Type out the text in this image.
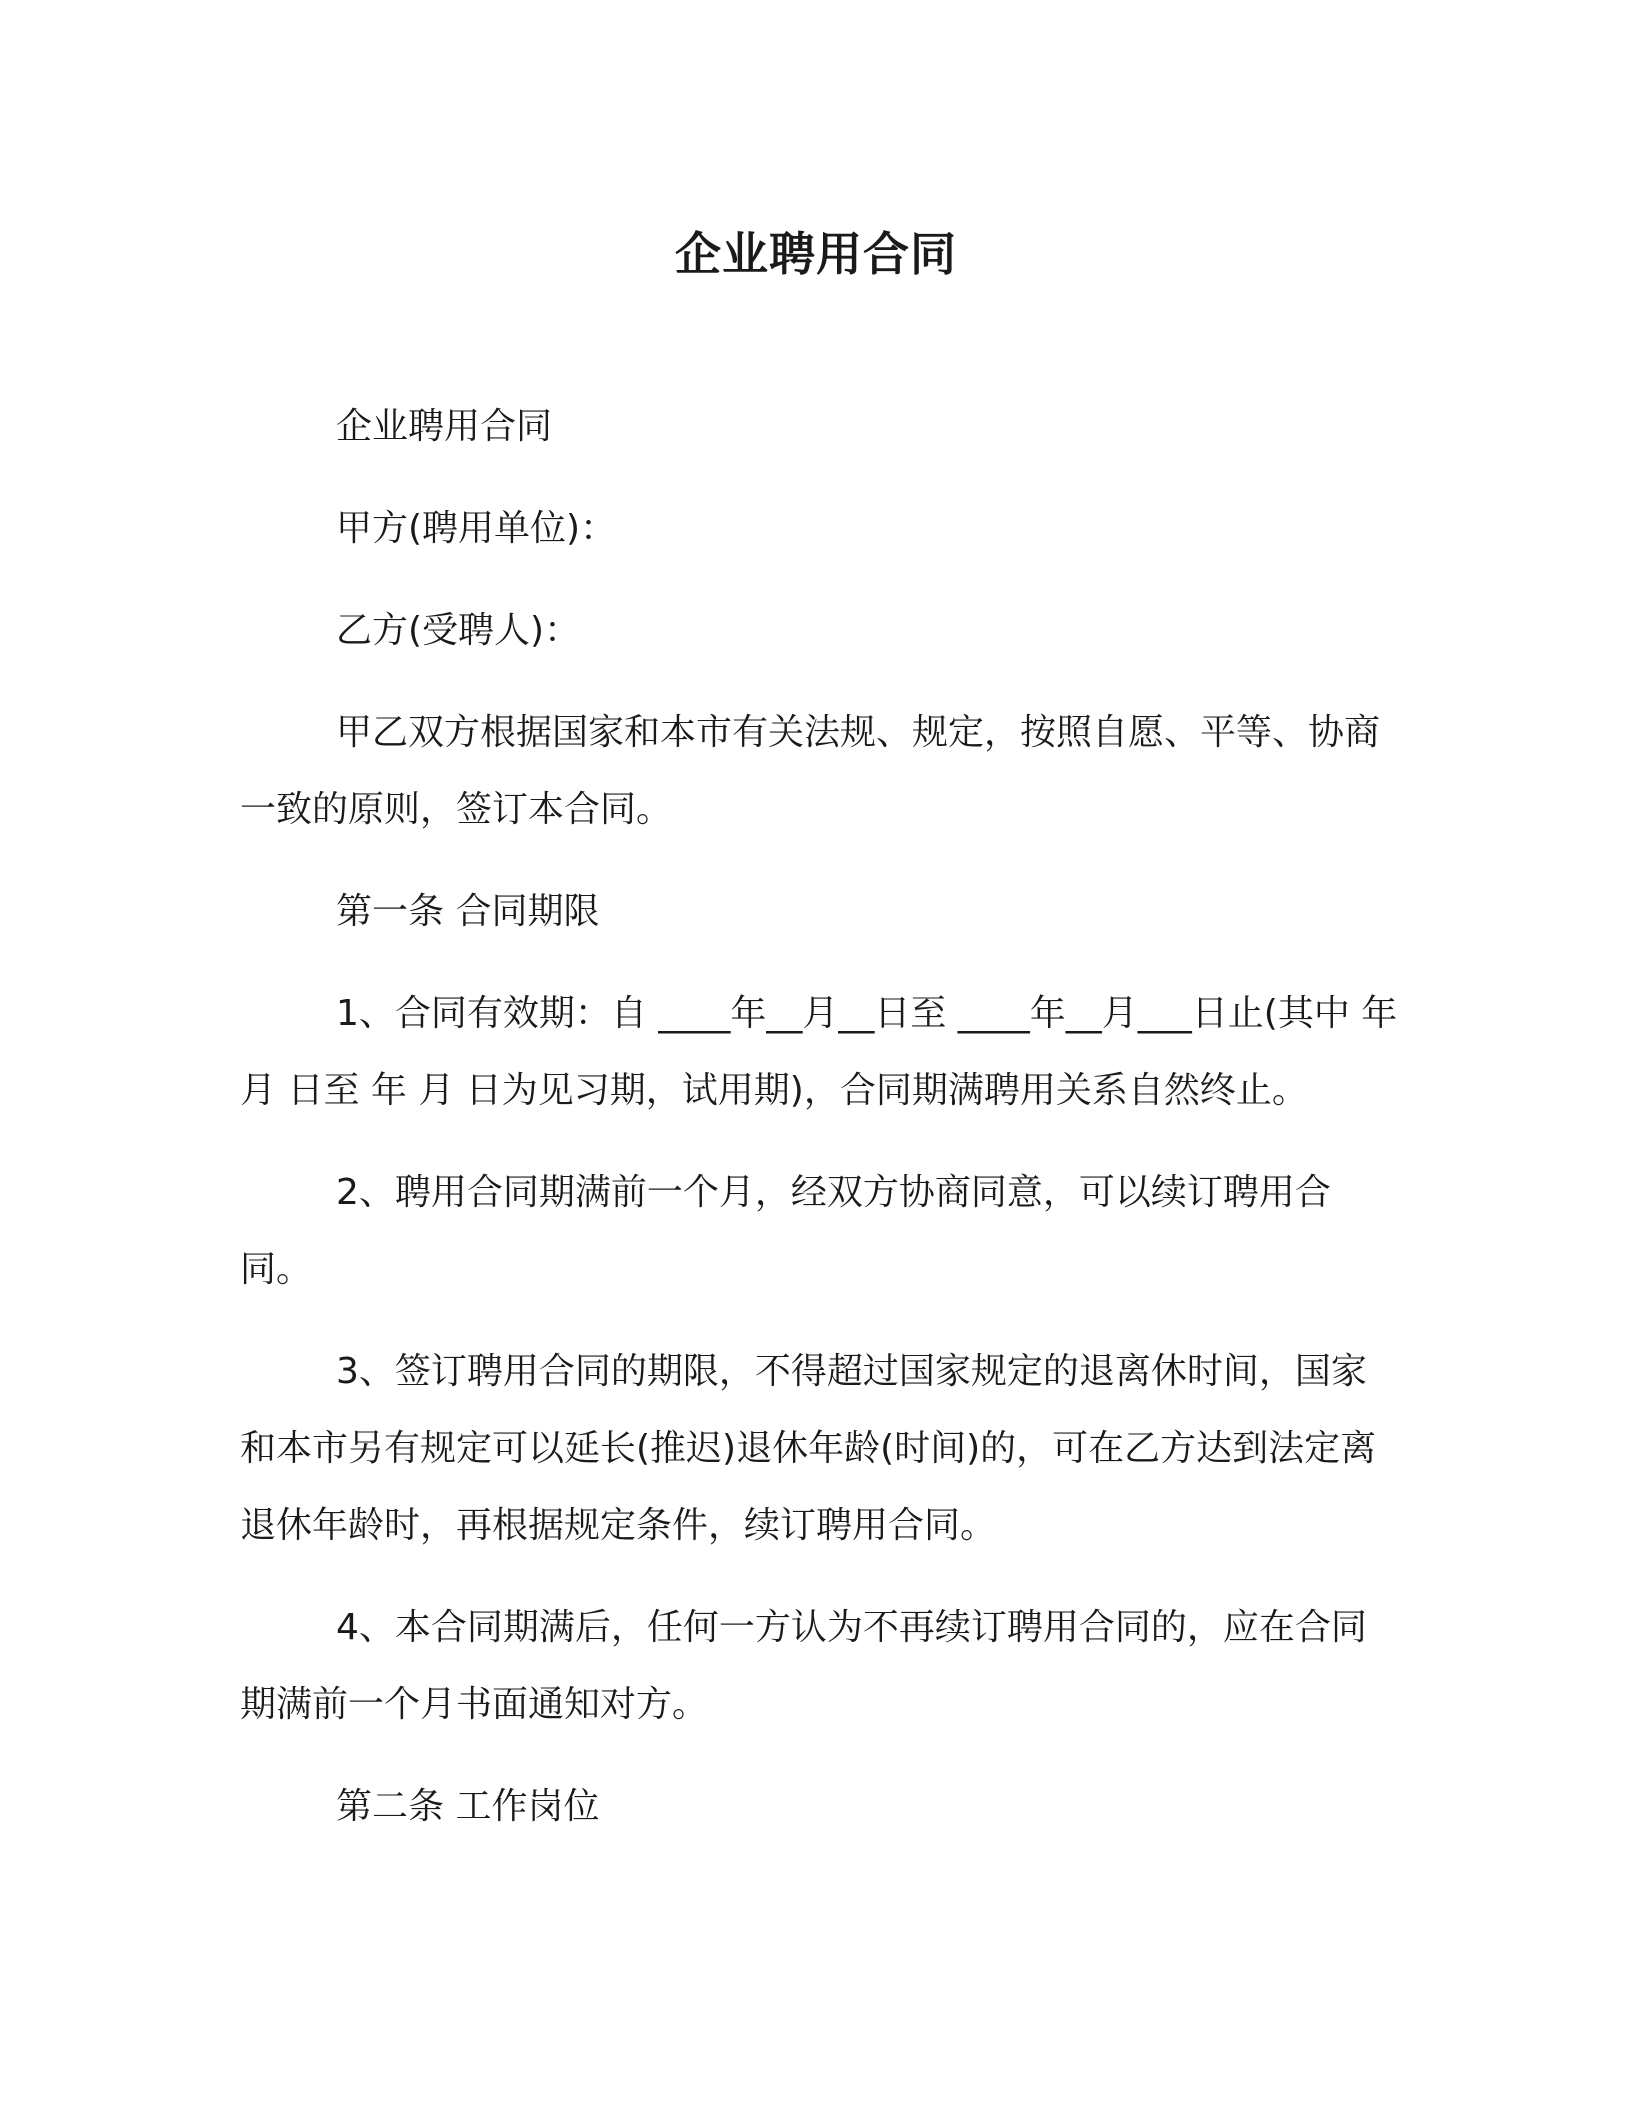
企业聘用合同

企业聘用合同

甲方(聘用单位)：

乙方(受聘人)：

甲乙双方根据国家和本市有关法规、规定，按照自愿、平等、协商一致的原则，签订本合同。

第一条 合同期限

1、合同有效期：自 ____年__月__日至 ____年__月___日止(其中 年 月 日至 年 月 日为见习期，试用期)，合同期满聘用关系自然终止。

2、聘用合同期满前一个月，经双方协商同意，可以续订聘用合同。

3、签订聘用合同的期限，不得超过国家规定的退离休时间，国家和本市另有规定可以延长(推迟)退休年龄(时间)的，可在乙方达到法定离退休年龄时，再根据规定条件，续订聘用合同。

4、本合同期满后，任何一方认为不再续订聘用合同的，应在合同期满前一个月书面通知对方。

第二条 工作岗位
